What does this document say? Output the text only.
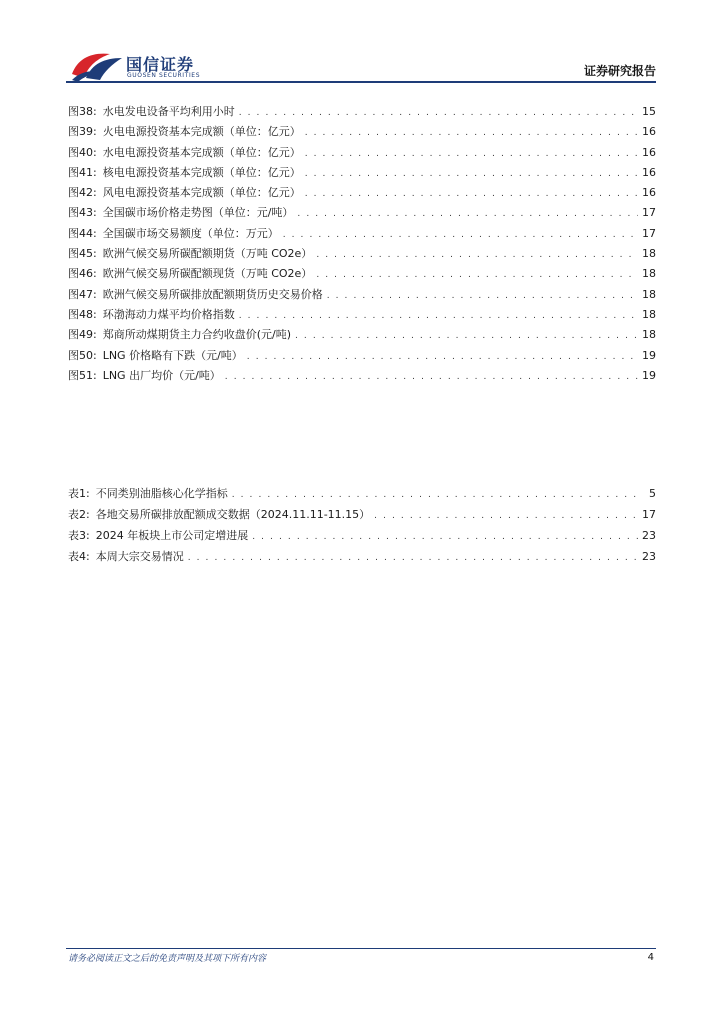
国信证券
GUOSEN SECURITIES	证券研究报告
图38: 水电发电设备平均利用小时 . . .	15
图39: 火电电源投资基本完成额（单位：亿元） . . .	16
图40: 水电电源投资基本完成额（单位：亿元） . . .	16
图41: 核电电源投资基本完成额（单位：亿元） . . .	16
图42: 风电电源投资基本完成额（单位：亿元） . . .	16
图43: 全国碳市场价格走势图（单位：元/吨） . . .	17
图44: 全国碳市场交易额度（单位：万元） . . .	17
图45: 欧洲气候交易所碳配额期货（万吨 CO2e） . . .	18
图46: 欧洲气候交易所碳配额现货（万吨 CO2e） . . .	18
图47: 欧洲气候交易所碳排放配额期货历史交易价格 . . .	18
图48: 环渤海动力煤平均价格指数 . . .	18
图49: 郑商所动煤期货主力合约收盘价(元/吨) . . .	18
图50: LNG 价格略有下跌（元/吨） . . .	19
图51: LNG 出厂均价（元/吨） . . .	19
表1: 不同类别油脂核心化学指标 . . .	5
表2: 各地交易所碳排放配额成交数据（2024.11.11-11.15） . . .	17
表3: 2024 年板块上市公司定增进展 . . .	23
表4: 本周大宗交易情况 . . .	23
请务必阅读正文之后的免责声明及其项下所有内容	4
